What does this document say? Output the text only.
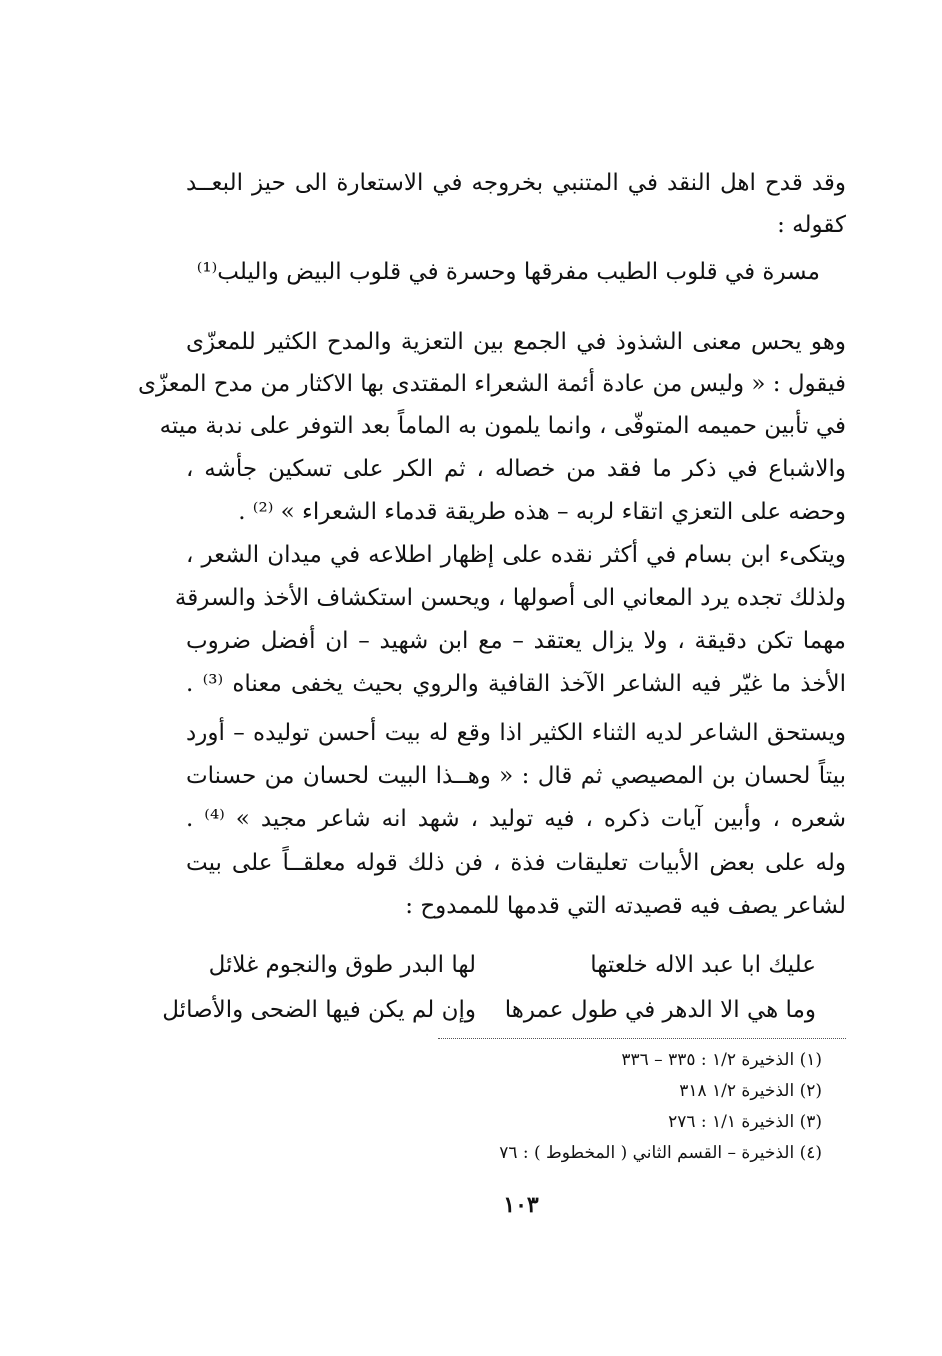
وقد قدح اهل النقد في المتنبي بخروجه في الاستعارة الى حيز البعــد
كقوله :
مسرة في قلوب الطيب مفرقها وحسرة في قلوب البيض واليلب⁽¹⁾
وهو يحس معنى الشذوذ في الجمع بين التعزية والمدح الكثير للمعزّى
فيقول : « وليس من عادة أئمة الشعراء المقتدى بها الاكثار من مدح المعزّى
في تأبين حميمه المتوفّى ، وانما يلمون به الماماً بعد التوفر على ندبة ميته
والاشباع في ذكر ما فقد من خصاله ، ثم الكر على تسكين جأشه ،
وحضه على التعزي اتقاء لربه – هذه طريقة قدماء الشعراء » ⁽²⁾ .
ويتكىء ابن بسام في أكثر نقده على إظهار اطلاعه في ميدان الشعر ،
ولذلك تجده يرد المعاني الى أصولها ، ويحسن استكشاف الأخذ والسرقة
مهما تكن دقيقة ، ولا يزال يعتقد – مع ابن شهيد – ان أفضل ضروب
الأخذ ما غيّر فيه الشاعر الآخذ القافية والروي بحيث يخفى معناه ⁽³⁾ .
ويستحق الشاعر لديه الثناء الكثير اذا وقع له بيت أحسن توليده – أورد
بيتاً لحسان بن المصيصي ثم قال : « وهــذا البيت لحسان من حسنات
شعره ، وأبين آيات ذكره ، فيه توليد ، شهد انه شاعر مجيد » ⁽⁴⁾ .
وله على بعض الأبيات تعليقات فذة ، فن ذلك قوله معلقــاً على بيت
لشاعر يصف فيه قصيدته التي قدمها للممدوح :
عليك ابا عبد الاله خلعتها
لها البدر طوق والنجوم غلائل
وما هي الا الدهر في طول عمرها
وإن لم يكن فيها الضحى والأصائل
(١) الذخيرة ١/٢ : ٣٣٥ – ٣٣٦
(٢) الذخيرة ١/٢ ٣١٨
(٣) الذخيرة ١/١ : ٢٧٦
(٤) الذخيرة – القسم الثاني ( المخطوط ) : ٧٦
١٠٣
